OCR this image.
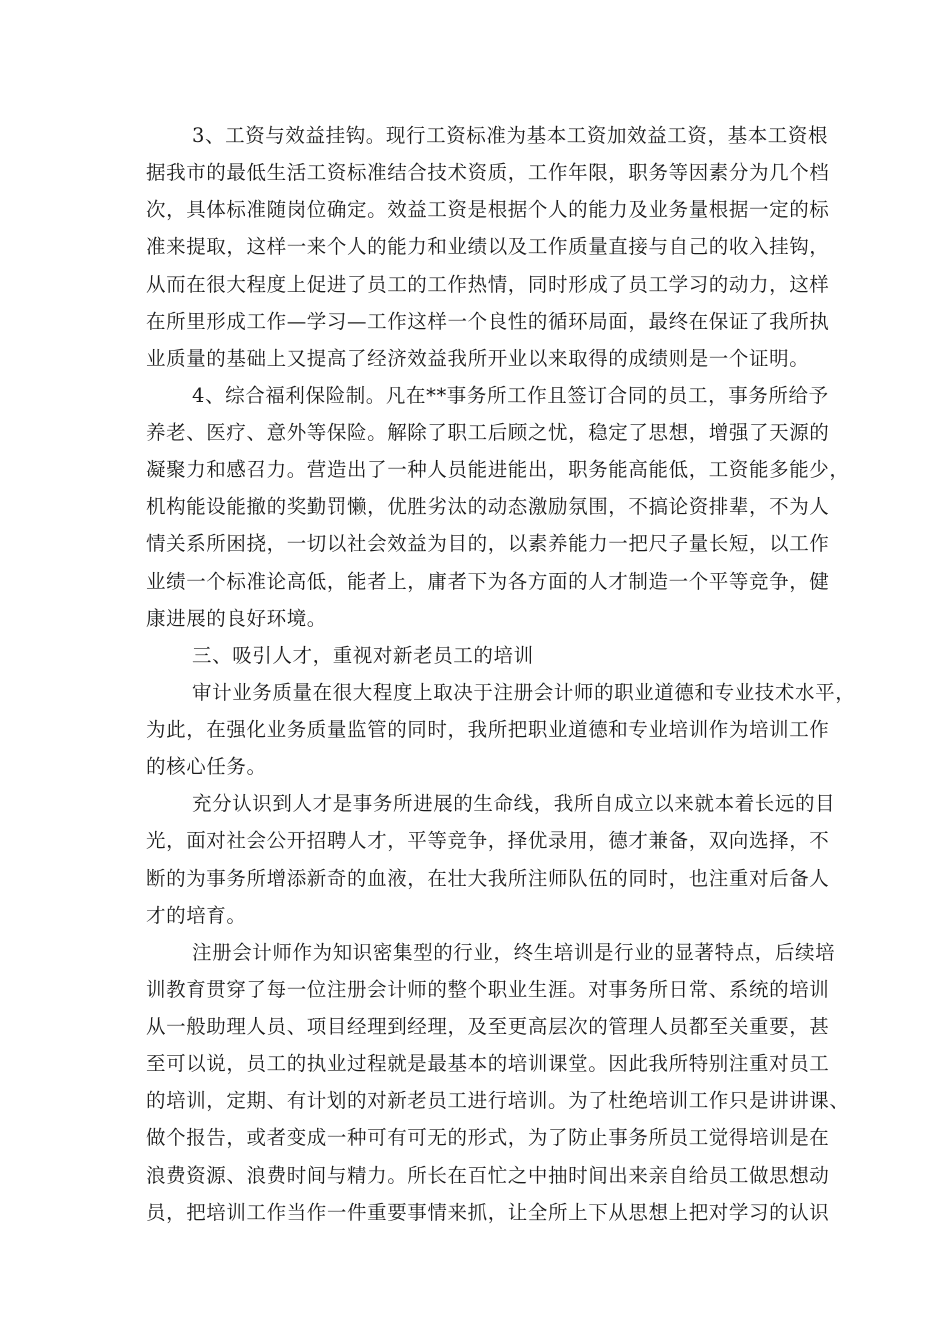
3、工资与效益挂钩。现行工资标准为基本工资加效益工资，基本工资根

据我市的最低生活工资标准结合技术资质，工作年限，职务等因素分为几个档

次，具体标准随岗位确定。效益工资是根据个人的能力及业务量根据一定的标

准来提取，这样一来个人的能力和业绩以及工作质量直接与自己的收入挂钩，

从而在很大程度上促进了员工的工作热情，同时形成了员工学习的动力，这样

在所里形成工作—学习—工作这样一个良性的循环局面，最终在保证了我所执

业质量的基础上又提高了经济效益我所开业以来取得的成绩则是一个证明。

4、综合福利保险制。凡在**事务所工作且签订合同的员工，事务所给予

养老、医疗、意外等保险。解除了职工后顾之忧，稳定了思想，增强了天源的

凝聚力和感召力。营造出了一种人员能进能出，职务能高能低，工资能多能少，

机构能设能撤的奖勤罚懒，优胜劣汰的动态激励氛围，不搞论资排辈，不为人

情关系所困挠，一切以社会效益为目的，以素养能力一把尺子量长短，以工作

业绩一个标准论高低，能者上，庸者下为各方面的人才制造一个平等竞争，健

康进展的良好环境。

三、吸引人才，重视对新老员工的培训

审计业务质量在很大程度上取决于注册会计师的职业道德和专业技术水平，

为此，在强化业务质量监管的同时，我所把职业道德和专业培训作为培训工作

的核心任务。

充分认识到人才是事务所进展的生命线，我所自成立以来就本着长远的目

光，面对社会公开招聘人才，平等竞争，择优录用，德才兼备，双向选择，不

断的为事务所增添新奇的血液，在壮大我所注师队伍的同时，也注重对后备人

才的培育。

注册会计师作为知识密集型的行业，终生培训是行业的显著特点，后续培

训教育贯穿了每一位注册会计师的整个职业生涯。对事务所日常、系统的培训

从一般助理人员、项目经理到经理，及至更高层次的管理人员都至关重要，甚

至可以说，员工的执业过程就是最基本的培训课堂。因此我所特别注重对员工

的培训，定期、有计划的对新老员工进行培训。为了杜绝培训工作只是讲讲课、

做个报告，或者变成一种可有可无的形式，为了防止事务所员工觉得培训是在

浪费资源、浪费时间与精力。所长在百忙之中抽时间出来亲自给员工做思想动

员，把培训工作当作一件重要事情来抓，让全所上下从思想上把对学习的认识
